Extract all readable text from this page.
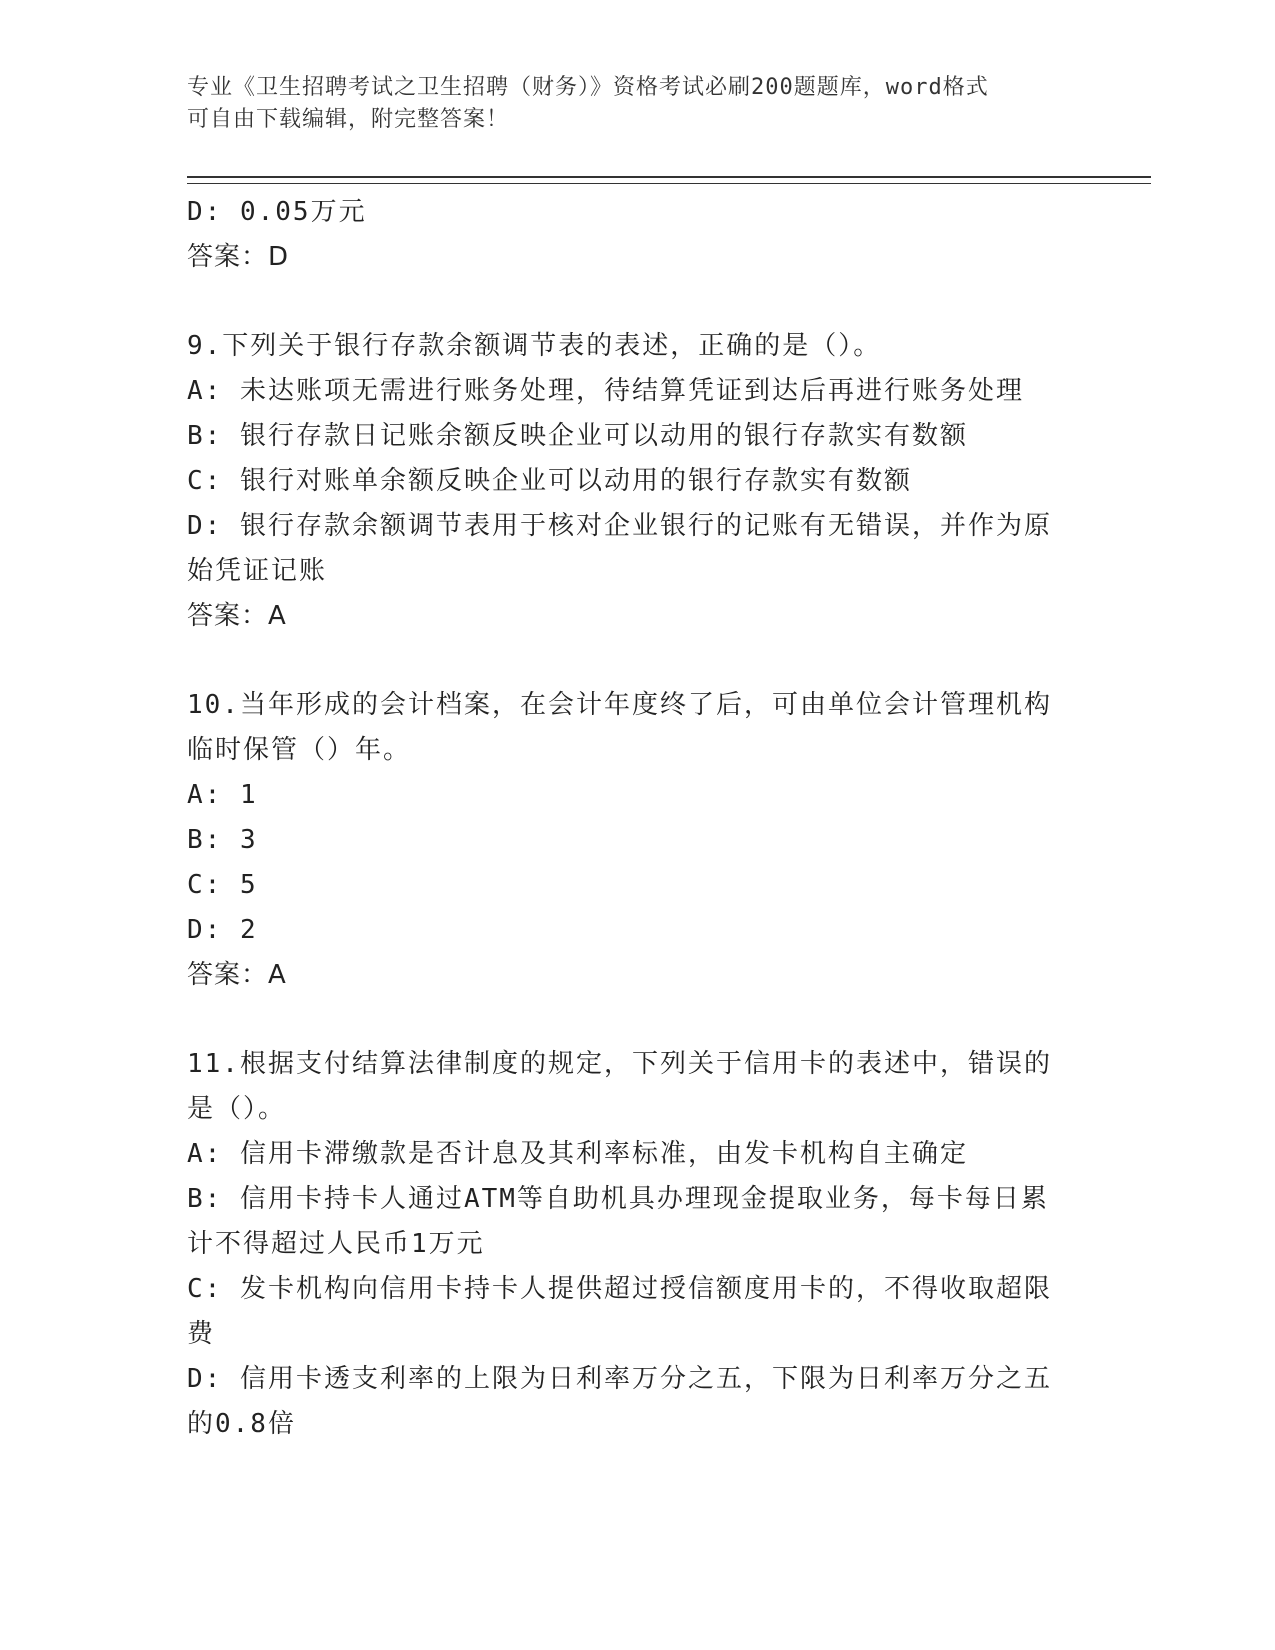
专业《卫生招聘考试之卫生招聘（财务）》资格考试必刷200题题库，word格式

可自由下载编辑，附完整答案！

D: 0.05万元

答案：D

9.下列关于银行存款余额调节表的表述，正确的是（）。

A: 未达账项无需进行账务处理，待结算凭证到达后再进行账务处理

B: 银行存款日记账余额反映企业可以动用的银行存款实有数额

C: 银行对账单余额反映企业可以动用的银行存款实有数额

D: 银行存款余额调节表用于核对企业银行的记账有无错误，并作为原

始凭证记账

答案：A

10.当年形成的会计档案，在会计年度终了后，可由单位会计管理机构

临时保管（）年。

A: 1

B: 3

C: 5

D: 2

答案：A

11.根据支付结算法律制度的规定，下列关于信用卡的表述中，错误的

是（）。

A: 信用卡滞缴款是否计息及其利率标准，由发卡机构自主确定

B: 信用卡持卡人通过ATM等自助机具办理现金提取业务，每卡每日累

计不得超过人民币1万元

C: 发卡机构向信用卡持卡人提供超过授信额度用卡的，不得收取超限

费

D: 信用卡透支利率的上限为日利率万分之五，下限为日利率万分之五

的0.8倍
